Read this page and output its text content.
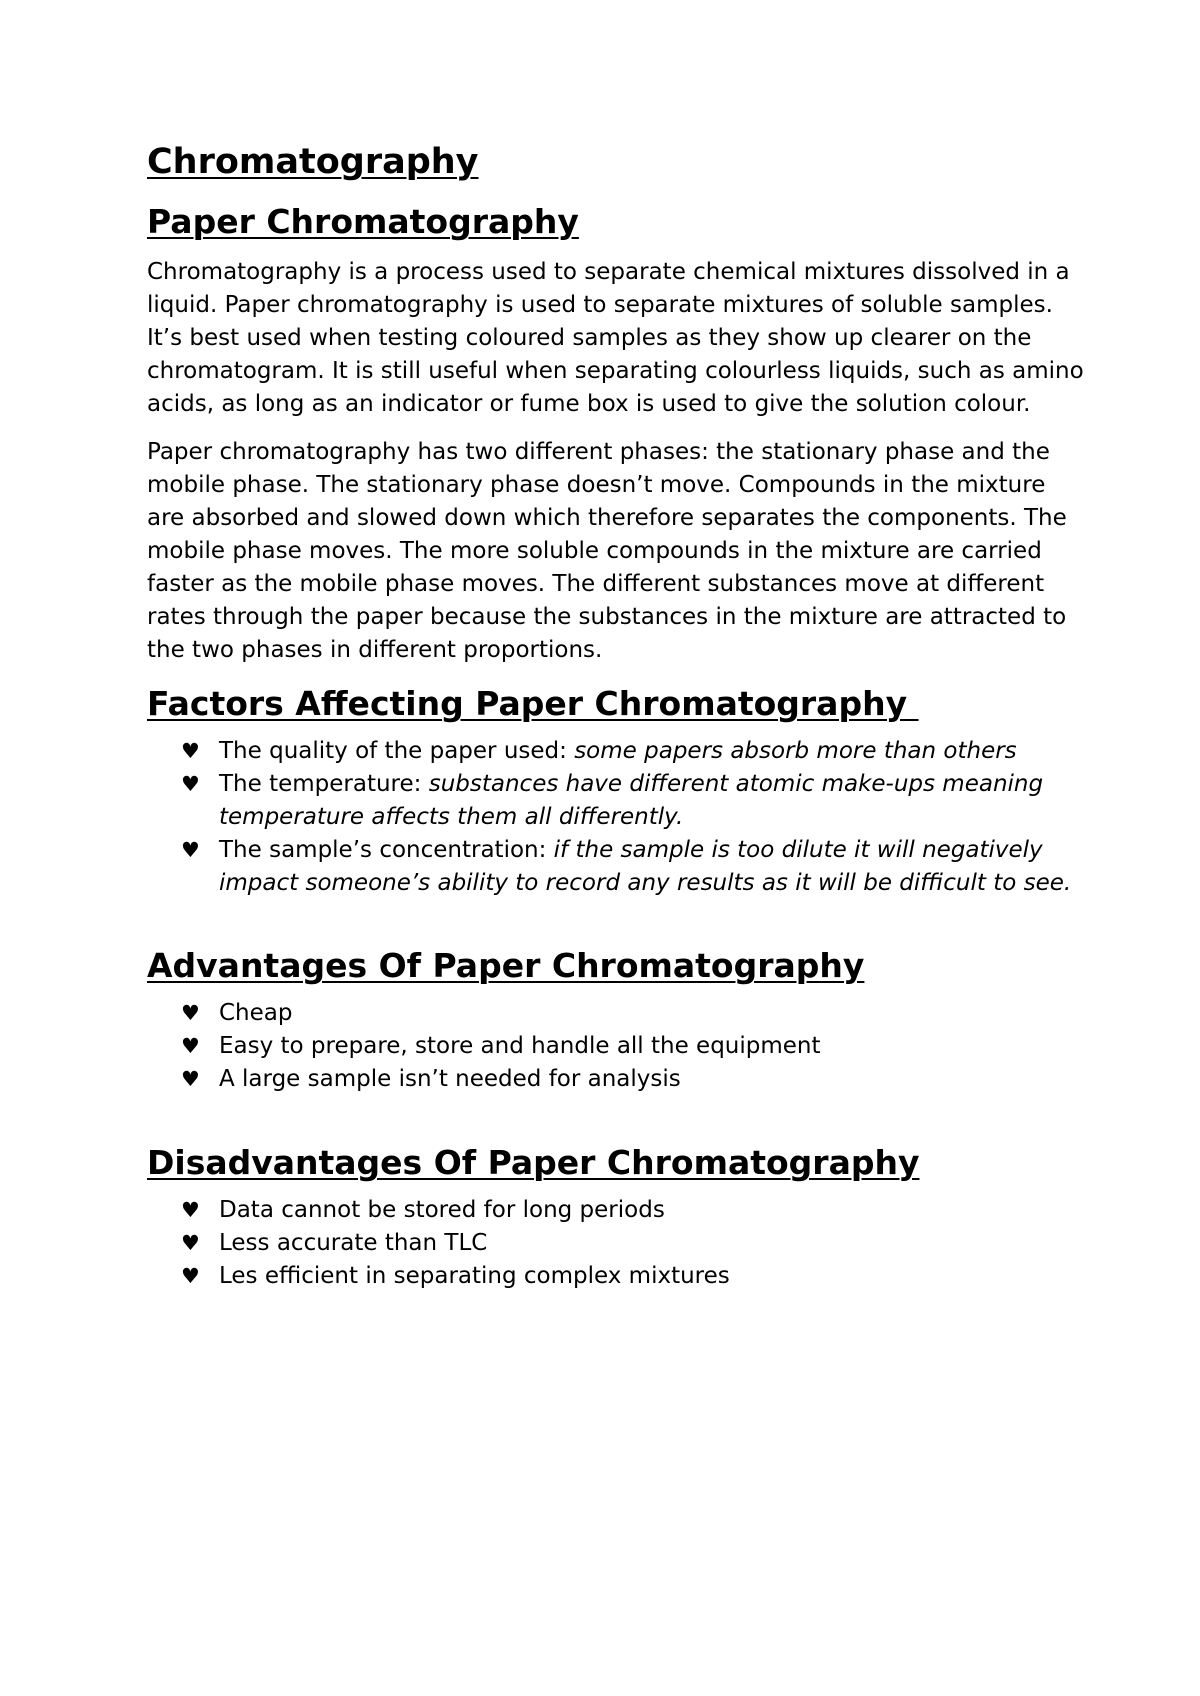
Chromatography
Paper Chromatography

Chromatography is a process used to separate chemical mixtures dissolved in a liquid. Paper chromatography is used to separate mixtures of soluble samples. It’s best used when testing coloured samples as they show up clearer on the chromatogram. It is still useful when separating colourless liquids, such as amino acids, as long as an indicator or fume box is used to give the solution colour.

Paper chromatography has two different phases: the stationary phase and the mobile phase. The stationary phase doesn’t move. Compounds in the mixture are absorbed and slowed down which therefore separates the components. The mobile phase moves. The more soluble compounds in the mixture are carried faster as the mobile phase moves. The different substances move at different rates through the paper because the substances in the mixture are attracted to the two phases in different proportions.

Factors Affecting Paper Chromatography
♥ The quality of the paper used: some papers absorb more than others
♥ The temperature: substances have different atomic make-ups meaning temperature affects them all differently.
♥ The sample’s concentration: if the sample is too dilute it will negatively impact someone’s ability to record any results as it will be difficult to see.
Advantages Of Paper Chromatography
♥ Cheap
♥ Easy to prepare, store and handle all the equipment
♥ A large sample isn’t needed for analysis
Disadvantages Of Paper Chromatography
♥ Data cannot be stored for long periods
♥ Less accurate than TLC
♥ Les efficient in separating complex mixtures
